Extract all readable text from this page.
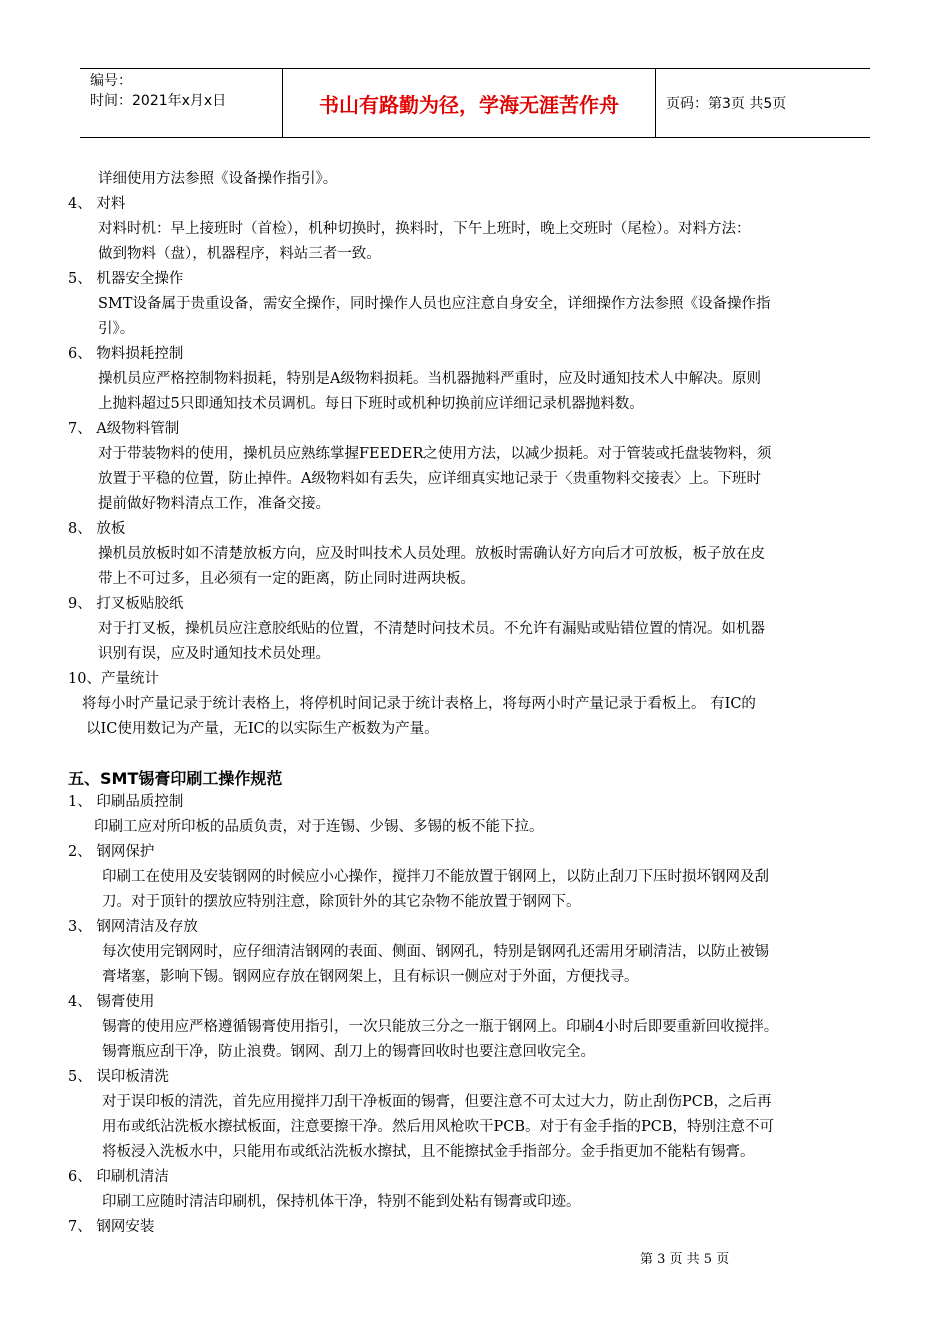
编号：
时间：2021年x月x日	书山有路勤为径，学海无涯苦作舟	页码：第3页 共5页
详细使用方法参照《设备操作指引》。
4、 对料
对料时机：早上接班时（首检），机种切换时，换料时，下午上班时，晚上交班时（尾检）。对料方法：
做到物料（盘），机器程序，料站三者一致。
5、 机器安全操作
SMT设备属于贵重设备，需安全操作，同时操作人员也应注意自身安全，详细操作方法参照《设备操作指
引》。
6、 物料损耗控制
操机员应严格控制物料损耗，特别是A级物料损耗。当机器抛料严重时，应及时通知技术人中解决。原则
上抛料超过5只即通知技术员调机。每日下班时或机种切换前应详细记录机器抛料数。
7、 A级物料管制
对于带装物料的使用，操机员应熟练掌握FEEDER之使用方法，以减少损耗。对于管装或托盘装物料，须
放置于平稳的位置，防止掉件。A级物料如有丢失，应详细真实地记录于〈贵重物料交接表〉上。下班时
提前做好物料清点工作，准备交接。
8、 放板
操机员放板时如不清楚放板方向，应及时叫技术人员处理。放板时需确认好方向后才可放板，板子放在皮
带上不可过多，且必须有一定的距离，防止同时进两块板。
9、 打叉板贴胶纸
对于打叉板，操机员应注意胶纸贴的位置，不清楚时问技术员。不允许有漏贴或贴错位置的情况。如机器
识别有误，应及时通知技术员处理。
10、产量统计
将每小时产量记录于统计表格上，将停机时间记录于统计表格上，将每两小时产量记录于看板上。 有IC的
以IC使用数记为产量，无IC的以实际生产板数为产量。
五、SMT锡膏印刷工操作规范
1、 印刷品质控制
印刷工应对所印板的品质负责，对于连锡、少锡、多锡的板不能下拉。
2、 钢网保护
印刷工在使用及安装钢网的时候应小心操作，搅拌刀不能放置于钢网上，以防止刮刀下压时损坏钢网及刮
刀。对于顶针的摆放应特别注意，除顶针外的其它杂物不能放置于钢网下。
3、 钢网清洁及存放
每次使用完钢网时，应仔细清洁钢网的表面、侧面、钢网孔，特别是钢网孔还需用牙刷清洁，以防止被锡
膏堵塞，影响下锡。钢网应存放在钢网架上，且有标识一侧应对于外面，方便找寻。
4、 锡膏使用
锡膏的使用应严格遵循锡膏使用指引，一次只能放三分之一瓶于钢网上。印刷4小时后即要重新回收搅拌。
锡膏瓶应刮干净，防止浪费。钢网、刮刀上的锡膏回收时也要注意回收完全。
5、 误印板清洗
对于误印板的清洗，首先应用搅拌刀刮干净板面的锡膏，但要注意不可太过大力，防止刮伤PCB，之后再
用布或纸沾洗板水擦拭板面，注意要擦干净。然后用风枪吹干PCB。对于有金手指的PCB，特别注意不可
将板浸入洗板水中，只能用布或纸沾洗板水擦拭，且不能擦拭金手指部分。金手指更加不能粘有锡膏。
6、 印刷机清洁
印刷工应随时清洁印刷机，保持机体干净，特别不能到处粘有锡膏或印迹。
7、 钢网安装
第 3 页 共 5 页
